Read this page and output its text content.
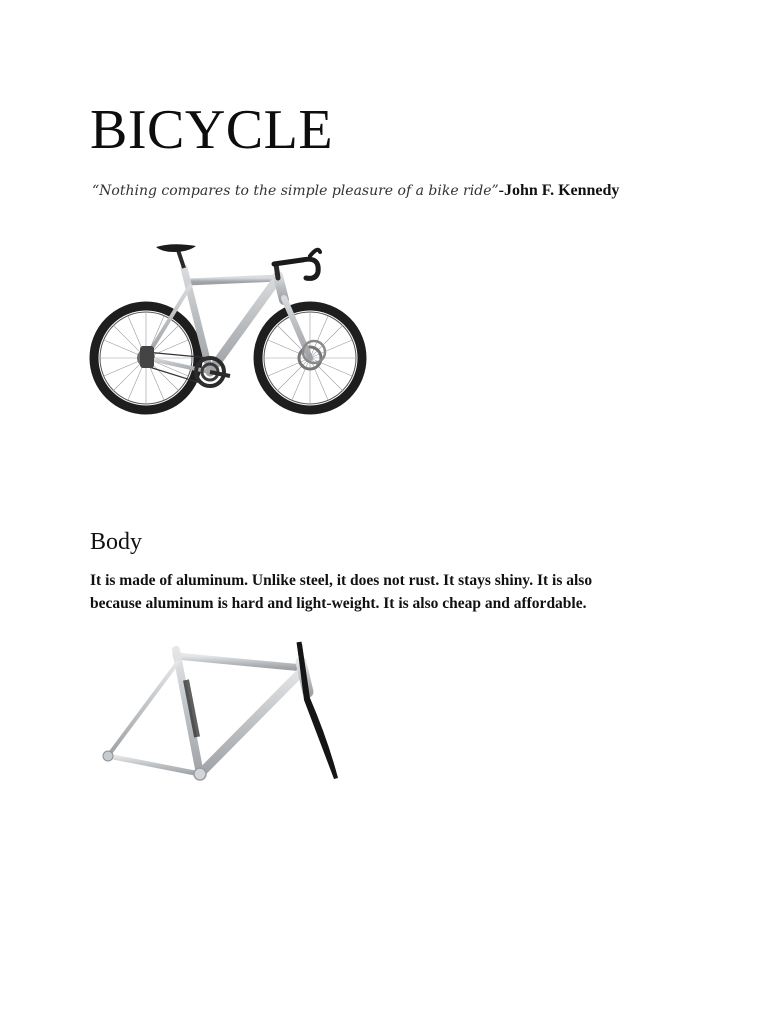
BICYCLE

“Nothing compares to the simple pleasure of a bike ride”-John F. Kennedy

Body

It is made of aluminum. Unlike steel, it does not rust. It stays shiny. It is also
because aluminum is hard and light-weight. It is also cheap and affordable.
